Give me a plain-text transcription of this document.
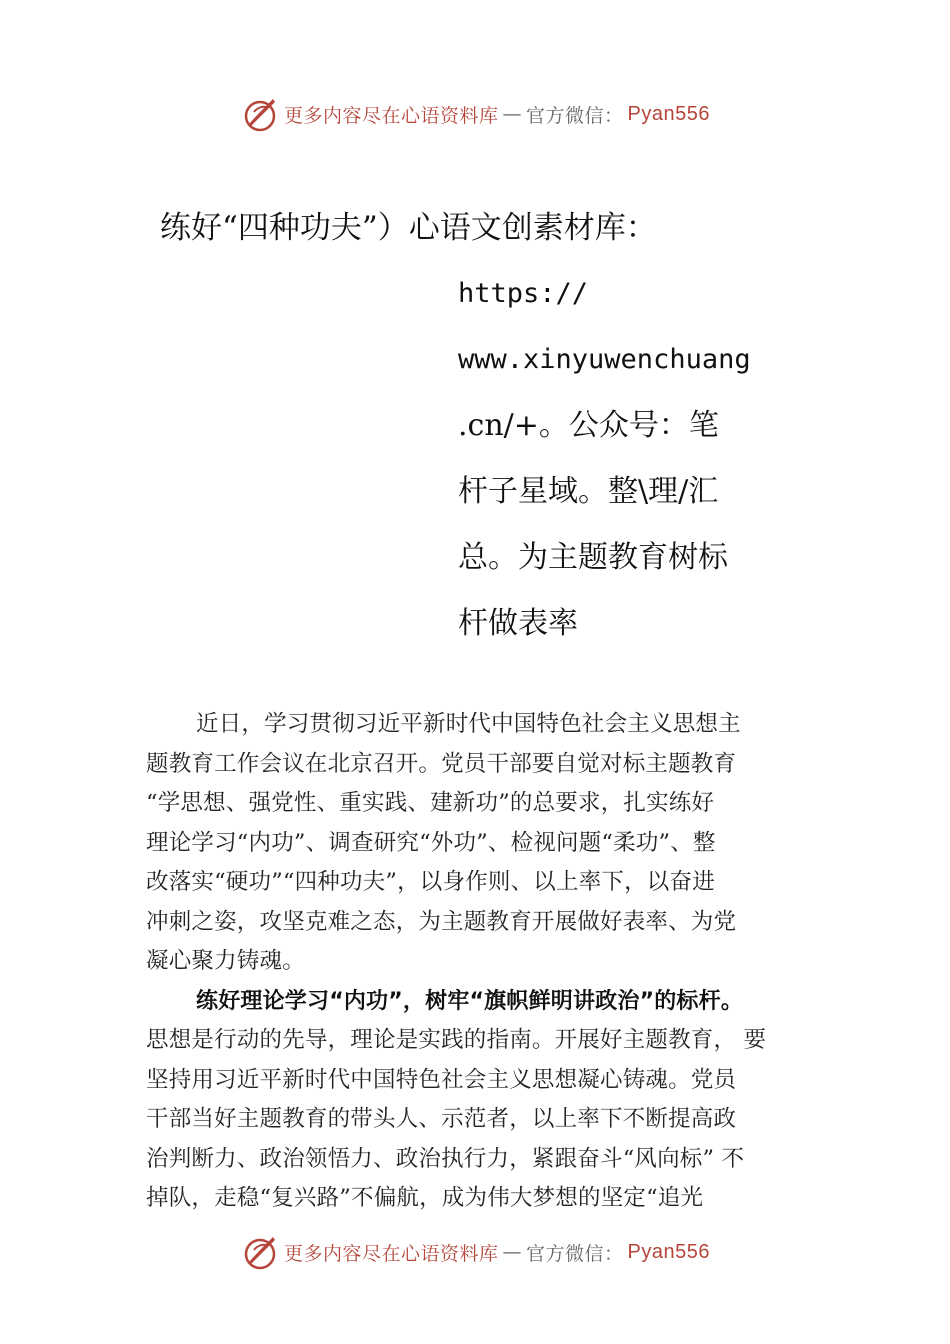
更多内容尽在心语资料库 — 官方微信： Pyan556
练好“四种功夫”）心语文创素材库：
https://
www.xinyuwenchuang
.cn/+。公众号：笔
杆子星域。整\理/汇
总。为主题教育树标
杆做表率
近日，学习贯彻习近平新时代中国特色社会主义思想主
题教育工作会议在北京召开。党员干部要自觉对标主题教育
“学思想、强党性、重实践、建新功”的总要求，扎实练好
理论学习“内功”、调查研究“外功”、检视问题“柔功”、整
改落实“硬功”“四种功夫”，以身作则、以上率下，以奋进
冲刺之姿，攻坚克难之态，为主题教育开展做好表率、为党
凝心聚力铸魂。
练好理论学习“内功”，树牢“旗帜鲜明讲政治”的标杆。
思想是行动的先导，理论是实践的指南。开展好主题教育， 要
坚持用习近平新时代中国特色社会主义思想凝心铸魂。党员
干部当好主题教育的带头人、示范者，以上率下不断提高政
治判断力、政治领悟力、政治执行力，紧跟奋斗“风向标” 不
掉队，走稳“复兴路”不偏航，成为伟大梦想的坚定“追光
更多内容尽在心语资料库 — 官方微信： Pyan556
